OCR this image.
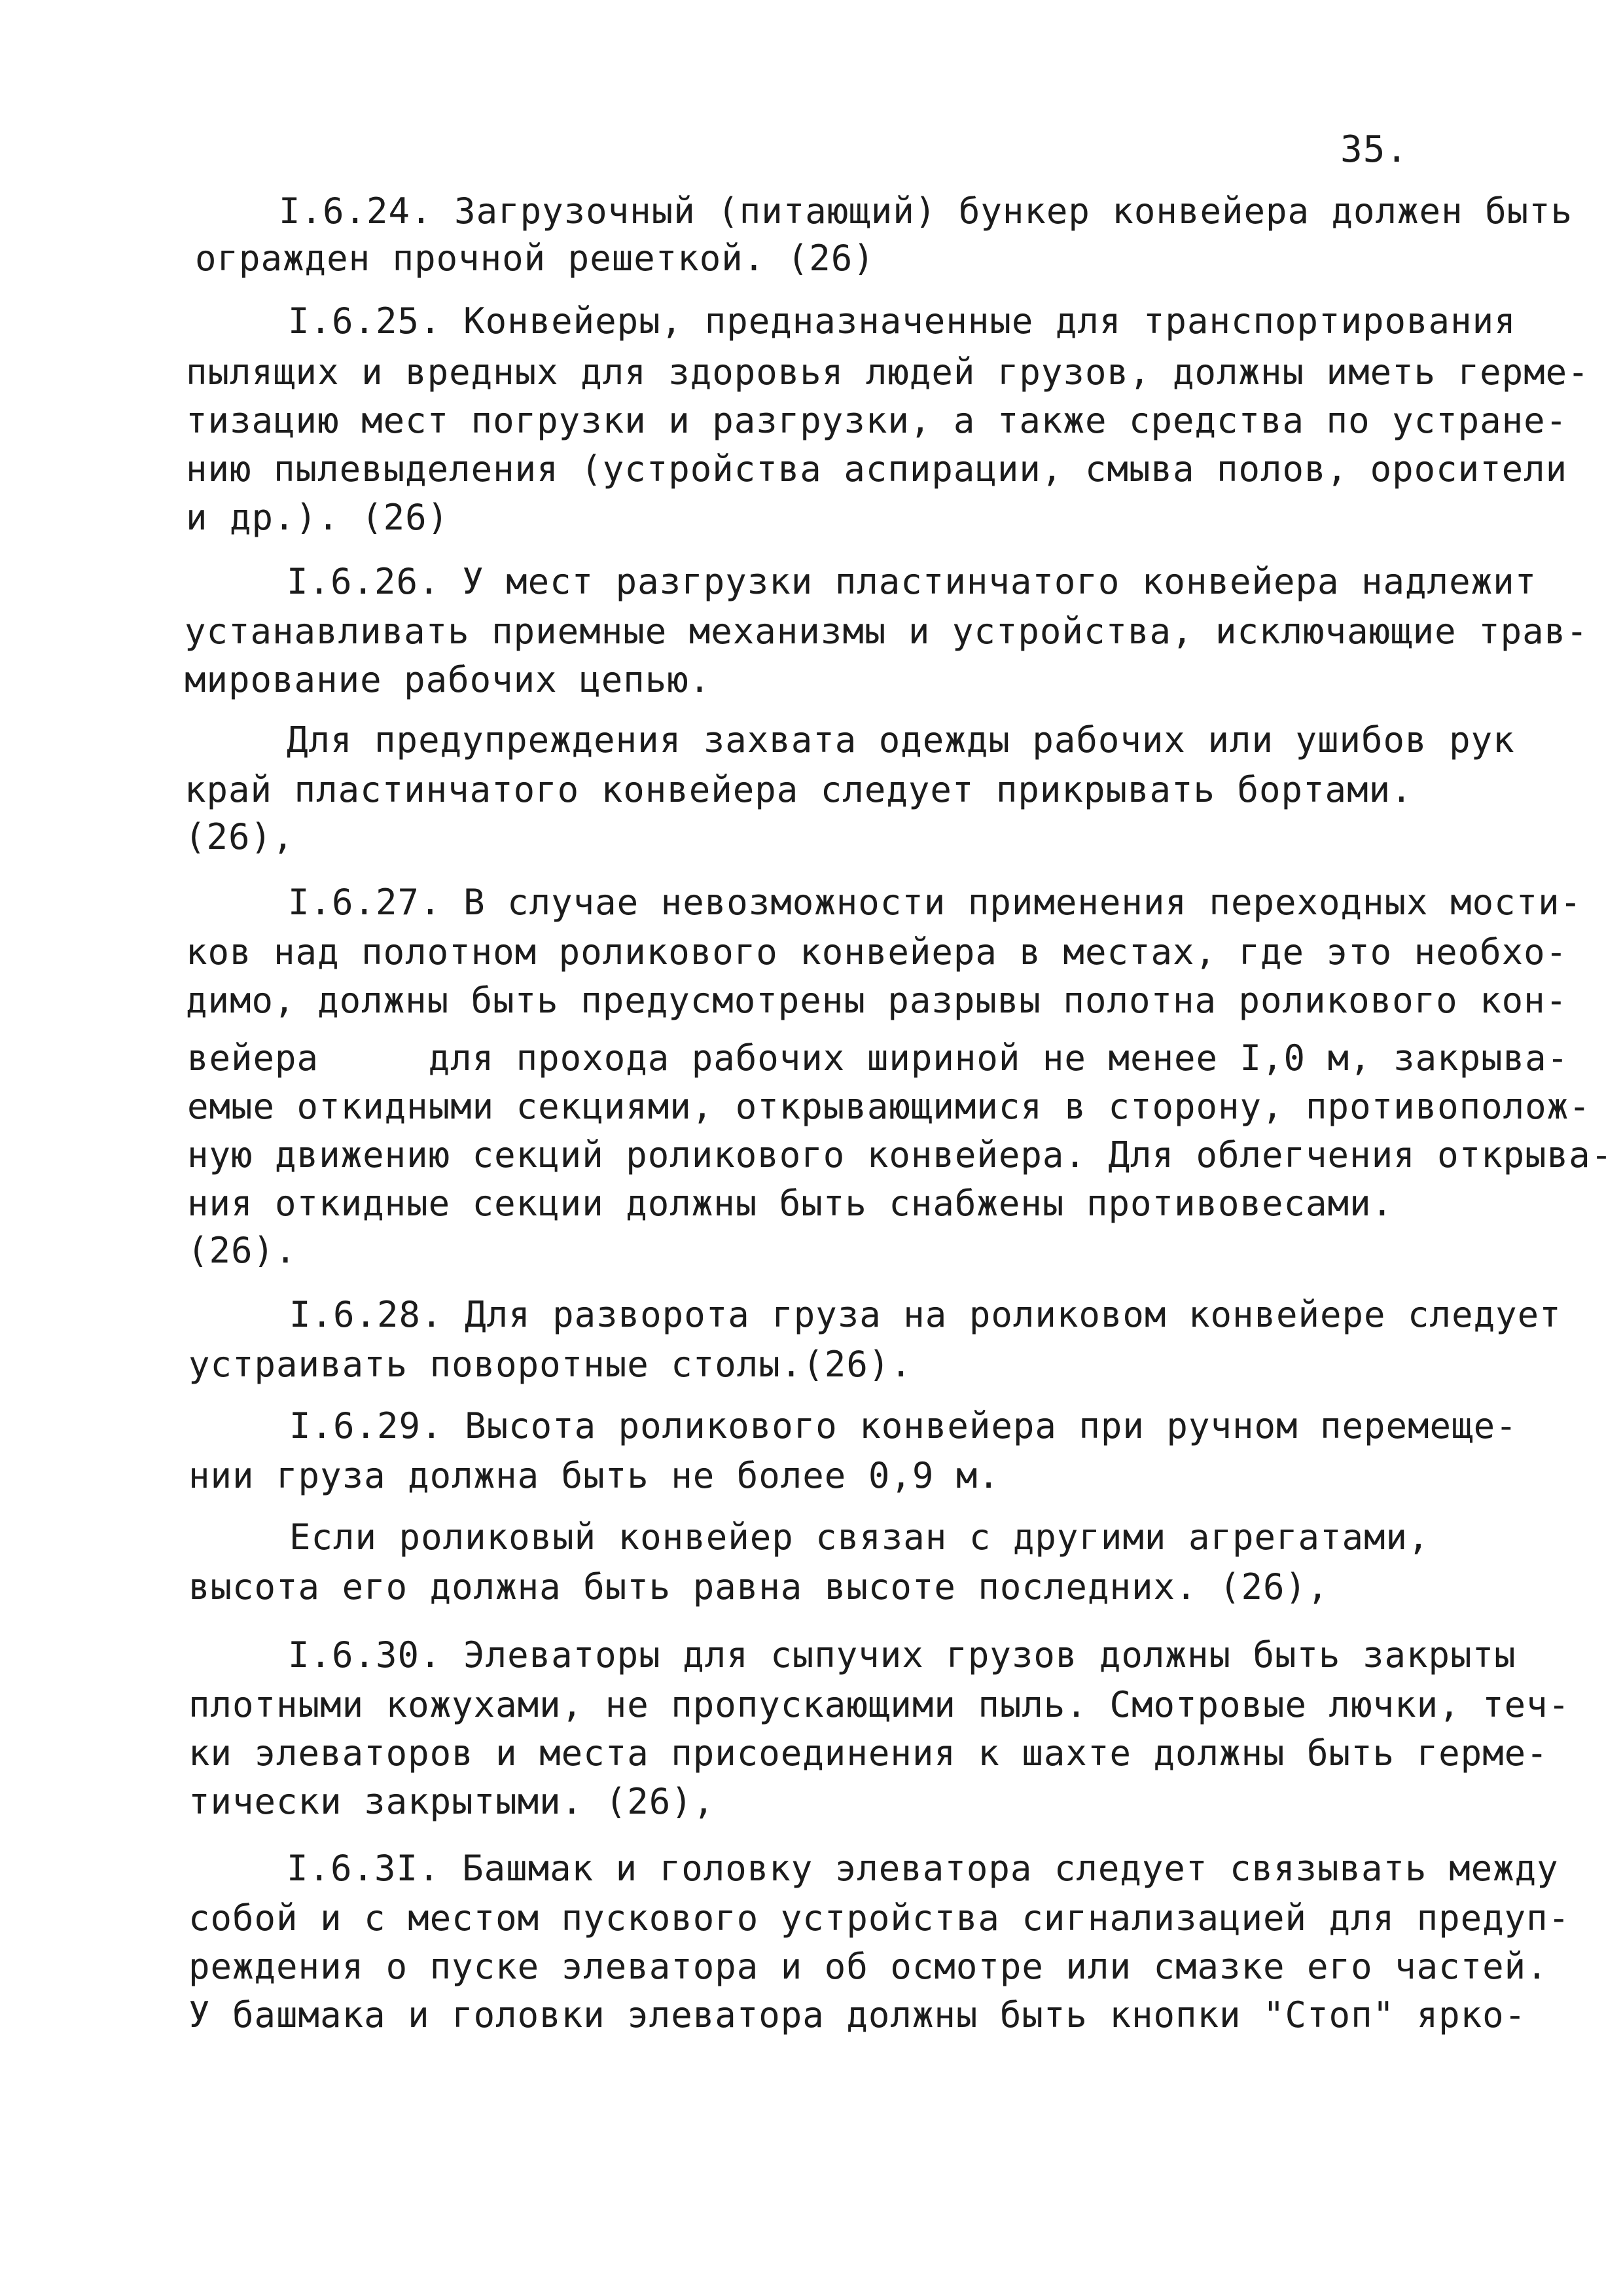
35.
I.6.24. Загрузочный (питающий) бункер конвейера должен быть
огражден прочной решеткой. (26)
I.6.25. Конвейеры, предназначенные для транспортирования
пылящих и вредных для здоровья людей грузов, должны иметь герме-
тизацию мест погрузки и разгрузки, а также средства по устране-
нию пылевыделения (устройства аспирации, смыва полов, оросители
и др.). (26)
I.6.26. У мест разгрузки пластинчатого конвейера надлежит
устанавливать приемные механизмы и устройства, исключающие трав-
мирование рабочих цепью.
Для предупреждения захвата одежды рабочих или ушибов рук
край пластинчатого конвейера следует прикрывать бортами.
(26),
I.6.27. В случае невозможности применения переходных мости-
ков над полотном роликового конвейера в местах, где это необхо-
димо, должны быть предусмотрены разрывы полотна роликового кон-
вейера     для прохода рабочих шириной не менее I,0 м, закрыва-
емые откидными секциями, открывающимися в сторону, противополож-
ную движению секций роликового конвейера. Для облегчения открыва-
ния откидные секции должны быть снабжены противовесами.
(26).
I.6.28. Для разворота груза на роликовом конвейере следует
устраивать поворотные столы.(26).
I.6.29. Высота роликового конвейера при ручном перемеще-
нии груза должна быть не более 0,9 м.
Если роликовый конвейер связан с другими агрегатами,
высота его должна быть равна высоте последних. (26),
I.6.30. Элеваторы для сыпучих грузов должны быть закрыты
плотными кожухами, не пропускающими пыль. Смотровые лючки, теч-
ки элеваторов и места присоединения к шахте должны быть герме-
тически закрытыми. (26),
I.6.3I. Башмак и головку элеватора следует связывать между
собой и с местом пускового устройства сигнализацией для предуп-
реждения о пуске элеватора и об осмотре или смазке его частей.
У башмака и головки элеватора должны быть кнопки "Стоп" ярко-
